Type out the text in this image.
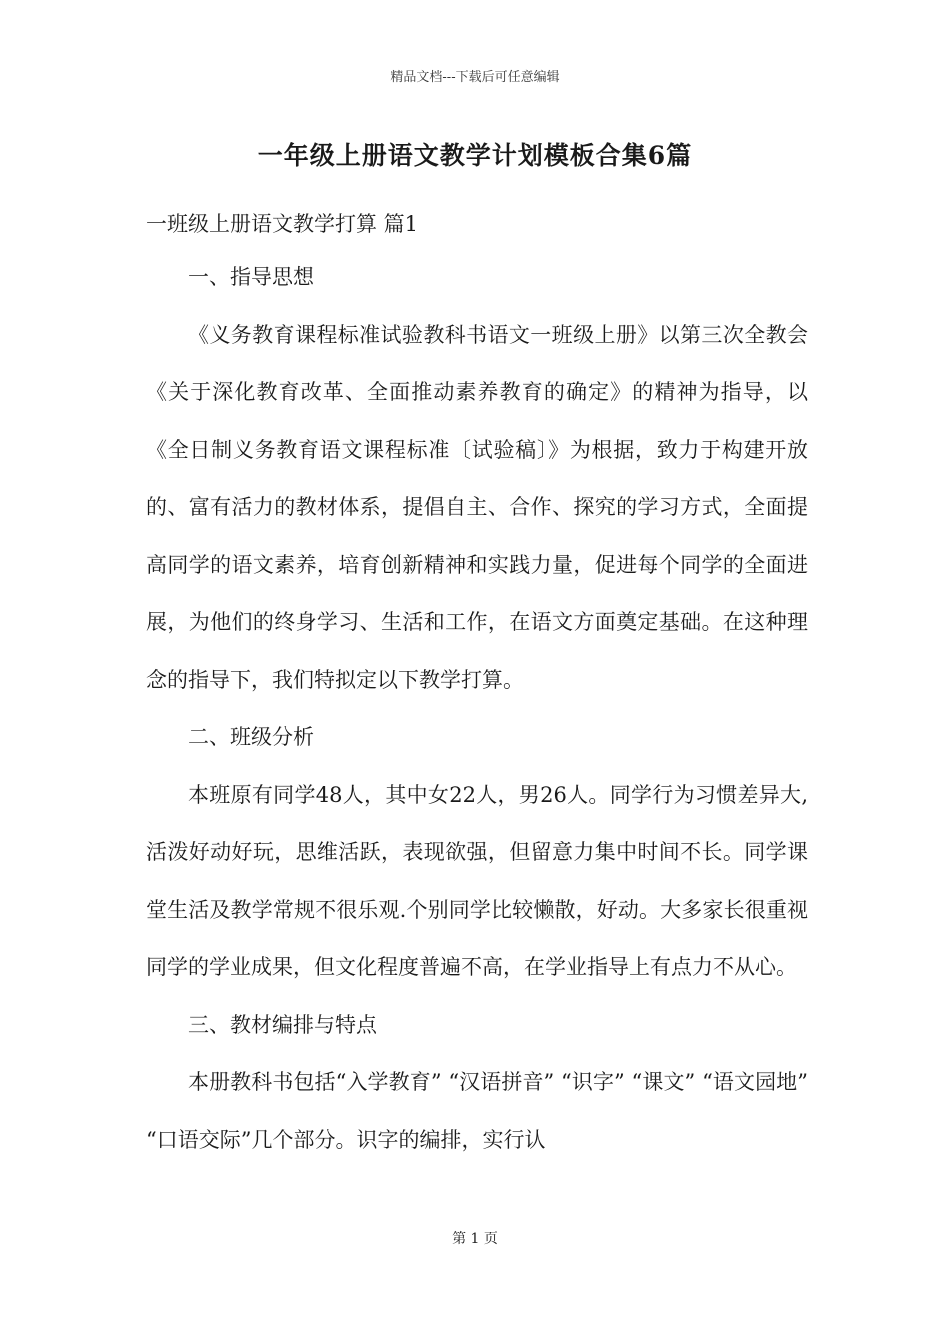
精品文档---下载后可任意编辑
一年级上册语文教学计划模板合集6篇
一班级上册语文教学打算 篇1

一、指导思想

《义务教育课程标准试验教科书语文一班级上册》以第三次全教会《关于深化教育改革、全面推动素养教育的确定》的精神为指导，以《全日制义务教育语文课程标准〔试验稿〕》为根据，致力于构建开放的、富有活力的教材体系，提倡自主、合作、探究的学习方式，全面提高同学的语文素养，培育创新精神和实践力量，促进每个同学的全面进展，为他们的终身学习、生活和工作，在语文方面奠定基础。在这种理念的指导下，我们特拟定以下教学打算。

二、班级分析

本班原有同学48人，其中女22人，男26人。同学行为习惯差异大,活泼好动好玩，思维活跃，表现欲强，但留意力集中时间不长。同学课堂生活及教学常规不很乐观.个别同学比较懒散，好动。大多家长很重视同学的学业成果，但文化程度普遍不高，在学业指导上有点力不从心。

三、教材编排与特点

本册教科书包括“入学教育” “汉语拼音” “识字” “课文” “语文园地” “口语交际”几个部分。识字的编排，实行认

第 1 页
